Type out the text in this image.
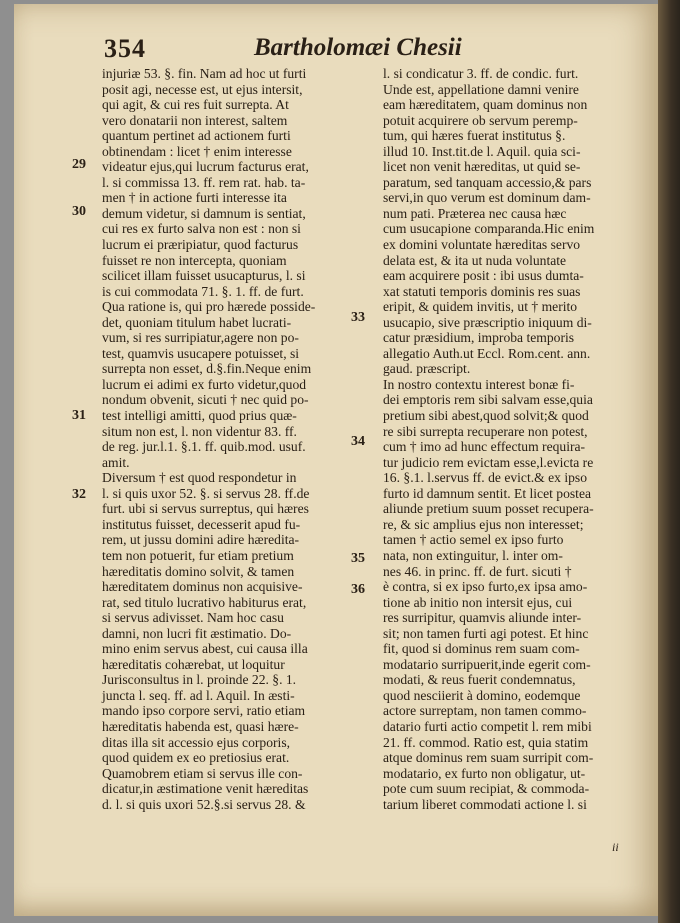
354	Bartholomæi Chesii
injuriæ 53. §. fin. Nam ad hoc ut furti
posit agi, necesse est, ut ejus intersit,
qui agit, & cui res fuit surrepta. At
vero donatarii non interest, saltem
quantum pertinet ad actionem furti
obtinendam : licet † enim interesse
videatur ejus,qui lucrum facturus erat,
l. si commissa 13. ff. rem rat. hab. ta-
men † in actione furti interesse ita
demum videtur, si damnum is sentiat,
cui res ex furto salva non est : non si
lucrum ei præripiatur, quod facturus
fuisset re non intercepta, quoniam
scilicet illam fuisset usucapturus, l. si
is cui commodata 71. §. 1. ff. de furt.
Qua ratione is, qui pro hærede posside-
det, quoniam titulum habet lucrati-
vum, si res surripiatur,agere non po-
test, quamvis usucapere potuisset, si
surrepta non esset, d.§.fin.Neque enim
lucrum ei adimi ex furto videtur,quod
nondum obvenit, sicuti † nec quid po-
test intelligi amitti, quod prius quæ-
situm non est, l. non videntur 83. ff.
de reg. jur.l.1. §.1. ff. quib.mod. usuf.
amit.
Diversum † est quod respondetur in
l. si quis uxor 52. §. si servus 28. ff.de
furt. ubi si servus surreptus, qui hæres
institutus fuisset, decesserit apud fu-
rem, ut jussu domini adire hæredita-
tem non potuerit, fur etiam pretium
hæreditatis domino solvit, & tamen
hæreditatem dominus non acquisive-
rat, sed titulo lucrativo habiturus erat,
si servus adivisset. Nam hoc casu
damni, non lucri fit æstimatio. Do-
mino enim servus abest, cui causa illa
hæreditatis cohærebat, ut loquitur
Jurisconsultus in l. proinde 22. §. 1.
juncta l. seq. ff. ad l. Aquil. In æsti-
mando ipso corpore servi, ratio etiam
hæreditatis habenda est, quasi hære-
ditas illa sit accessio ejus corporis,
quod quidem ex eo pretiosius erat.
Quamobrem etiam si servus ille con-
dicatur,in æstimatione venit hæreditas
d. l. si quis uxori 52.§.si servus 28. &
l. si condicatur 3. ff. de condic. furt.
Unde est, appellatione damni venire
eam hæreditatem, quam dominus non
potuit acquirere ob servum peremp-
tum, qui hæres fuerat institutus §.
illud 10. Inst.tit.de l. Aquil. quia sci-
licet non venit hæreditas, ut quid se-
paratum, sed tanquam accessio,& pars
servi,in quo verum est dominum dam-
num pati. Præterea nec causa hæc
cum usucapione comparanda.Hic enim
ex domini voluntate hæreditas servo
delata est, & ita ut nuda voluntate
eam acquirere posit : ibi usus dumta-
xat statuti temporis dominis res suas
eripit, & quidem invitis, ut † merito
usucapio, sive præscriptio iniquum di-
catur præsidium, improba temporis
allegatio Auth.ut Eccl. Rom.cent. ann.
gaud. præscript.
In nostro contextu interest bonæ fi-
dei emptoris rem sibi salvam esse,quia
pretium sibi abest,quod solvit;& quod
re sibi surrepta recuperare non potest,
cum † imo ad hunc effectum requira-
tur judicio rem evictam esse,l.evicta re
16. §.1. l.servus ff. de evict.& ex ipso
furto id damnum sentit. Et licet postea
aliunde pretium suum posset recupera-
re, & sic amplius ejus non interesset;
tamen † actio semel ex ipso furto
nata, non extinguitur, l. inter om-
nes 46. in princ. ff. de furt. sicuti †
è contra, si ex ipso furto,ex ipsa amo-
tione ab initio non intersit ejus, cui
res surripitur, quamvis aliunde inter-
sit; non tamen furti agi potest. Et hinc
fit, quod si dominus rem suam com-
modatario surripuerit,inde egerit com-
modati, & reus fuerit condemnatus,
quod nesciierit à domino, eodemque
actore surreptam, non tamen commo-
datario furti actio competit l. rem mibi
21. ff. commod. Ratio est, quia statim
atque dominus rem suam surripit com-
modatario, ex furto non obligatur, ut-
pote cum suum recipiat, & commoda-
tarium liberet commodati actione l. si
29
30
31
32
33
34
35
36
ii
